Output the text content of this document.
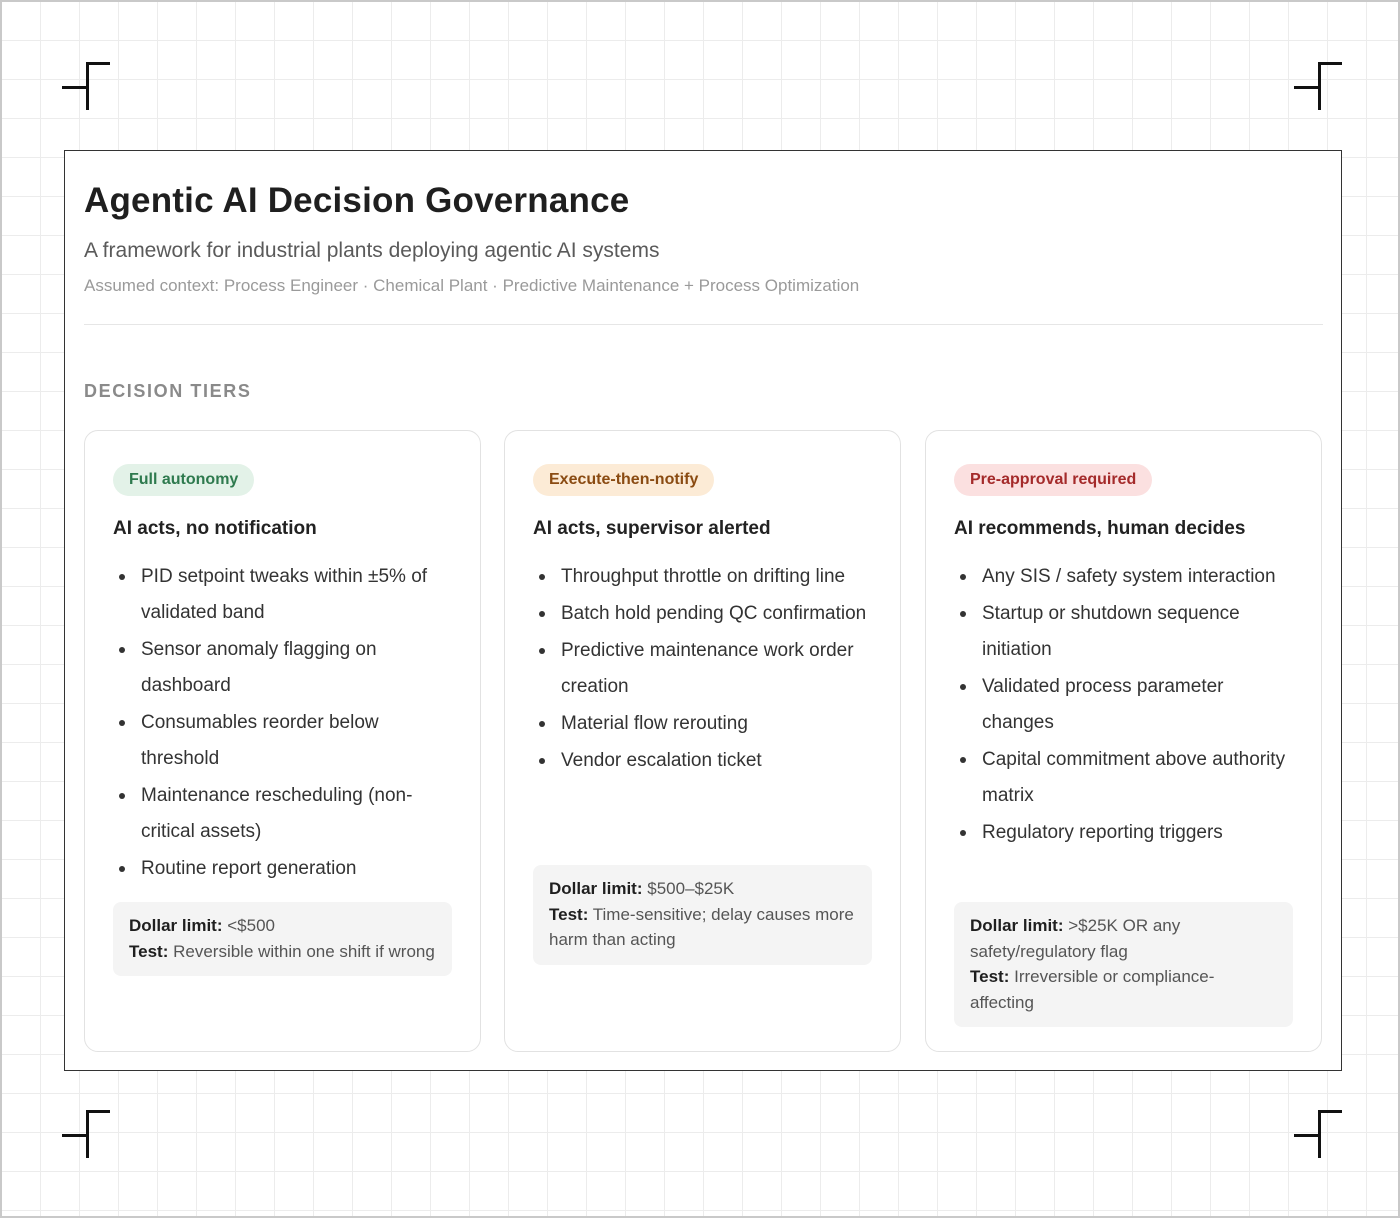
Agentic AI Decision Governance
A framework for industrial plants deploying agentic AI systems
Assumed context: Process Engineer · Chemical Plant · Predictive Maintenance + Process Optimization
DECISION TIERS
Full autonomy
AI acts, no notification
PID setpoint tweaks within ±5% of validated band
Sensor anomaly flagging on dashboard
Consumables reorder below threshold
Maintenance rescheduling (non-critical assets)
Routine report generation
Dollar limit: <$500
Test: Reversible within one shift if wrong
Execute-then-notify
AI acts, supervisor alerted
Throughput throttle on drifting line
Batch hold pending QC confirmation
Predictive maintenance work order creation
Material flow rerouting
Vendor escalation ticket
Dollar limit: $500–$25K
Test: Time-sensitive; delay causes more harm than acting
Pre-approval required
AI recommends, human decides
Any SIS / safety system interaction
Startup or shutdown sequence initiation
Validated process parameter changes
Capital commitment above authority matrix
Regulatory reporting triggers
Dollar limit: >$25K OR any safety/regulatory flag
Test: Irreversible or compliance-affecting
